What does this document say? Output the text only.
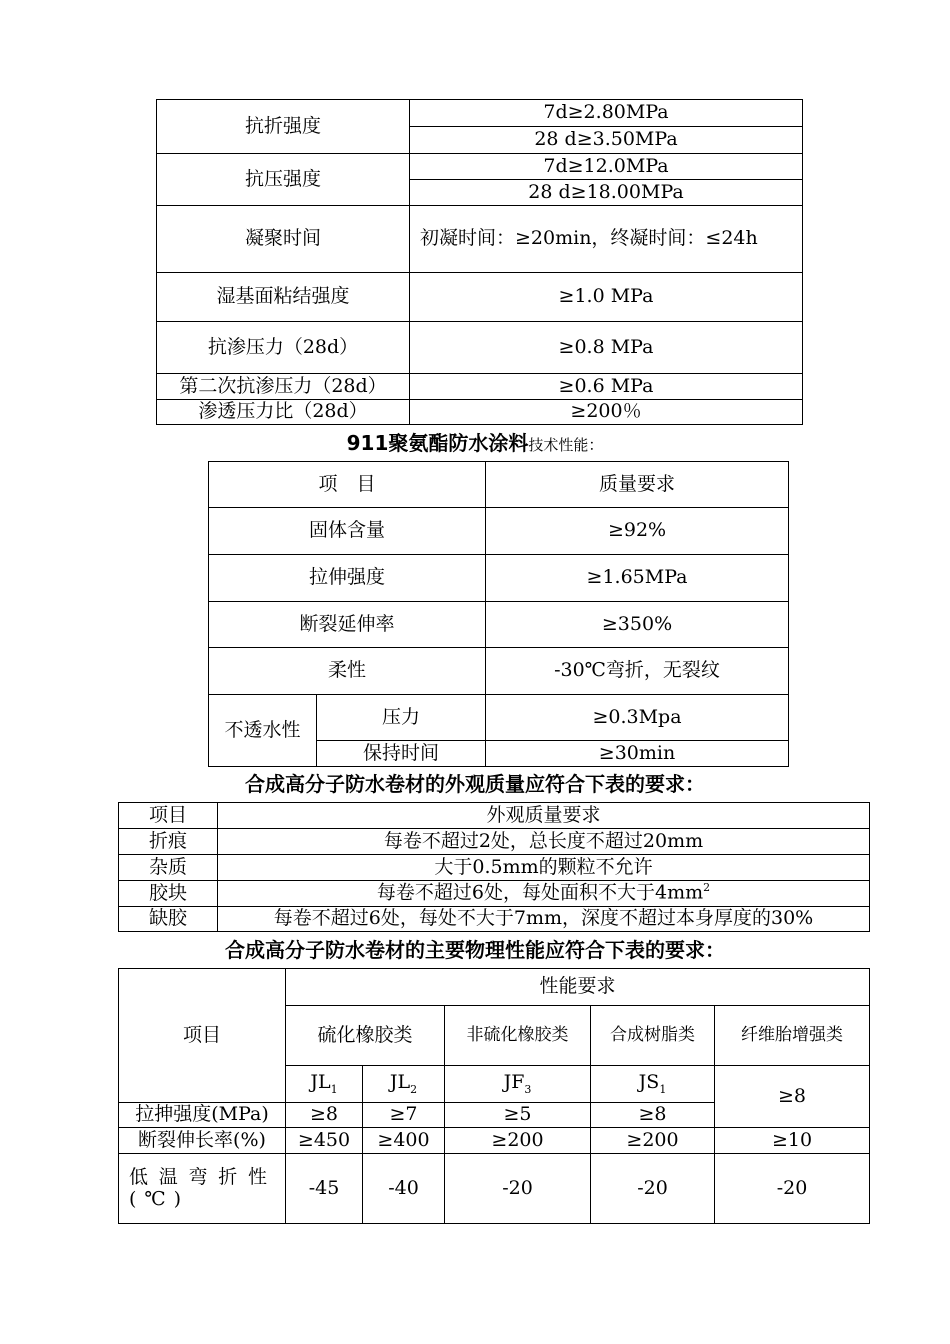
抗折强度	7d≥2.80MPa
	28 d≥3.50MPa
抗压强度	7d≥12.0MPa
	28 d≥18.00MPa
凝聚时间	初凝时间：≥20min，终凝时间：≤24h
湿基面粘结强度	≥1.0 MPa
抗渗压力（28d）	≥0.8 MPa
第二次抗渗压力（28d）	≥0.6 MPa
渗透压力比（28d）	≥200％
911聚氨酯防水涂料技术性能：
项　目		质量要求
固体含量		≥92%
拉伸强度		≥1.65MPa
断裂延伸率		≥350%
柔性		-30℃弯折，无裂纹
不透水性	压力	≥0.3Mpa
	保持时间	≥30min
合成高分子防水卷材的外观质量应符合下表的要求：
项目	外观质量要求
折痕	每卷不超过2处，总长度不超过20mm
杂质	大于0.5mm的颗粒不允许
胶块	每卷不超过6处，每处面积不大于$4mm^2$
缺胶	每卷不超过6处，每处不大于7mm，深度不超过本身厚度的30%
合成高分子防水卷材的主要物理性能应符合下表的要求：
项目	性能要求				
	硫化橡胶类		非硫化橡胶类	合成树脂类	纤维胎增强类
	$JL_1$	$JL_2$	$JF_3$	$JS_1$	≥8
拉抻强度(MPa)	≥8	≥7	≥5	≥8	
断裂伸长率(%)	≥450	≥400	≥200	≥200	≥10
低温弯折性(℃)	-45	-40	-20	-20	-20
